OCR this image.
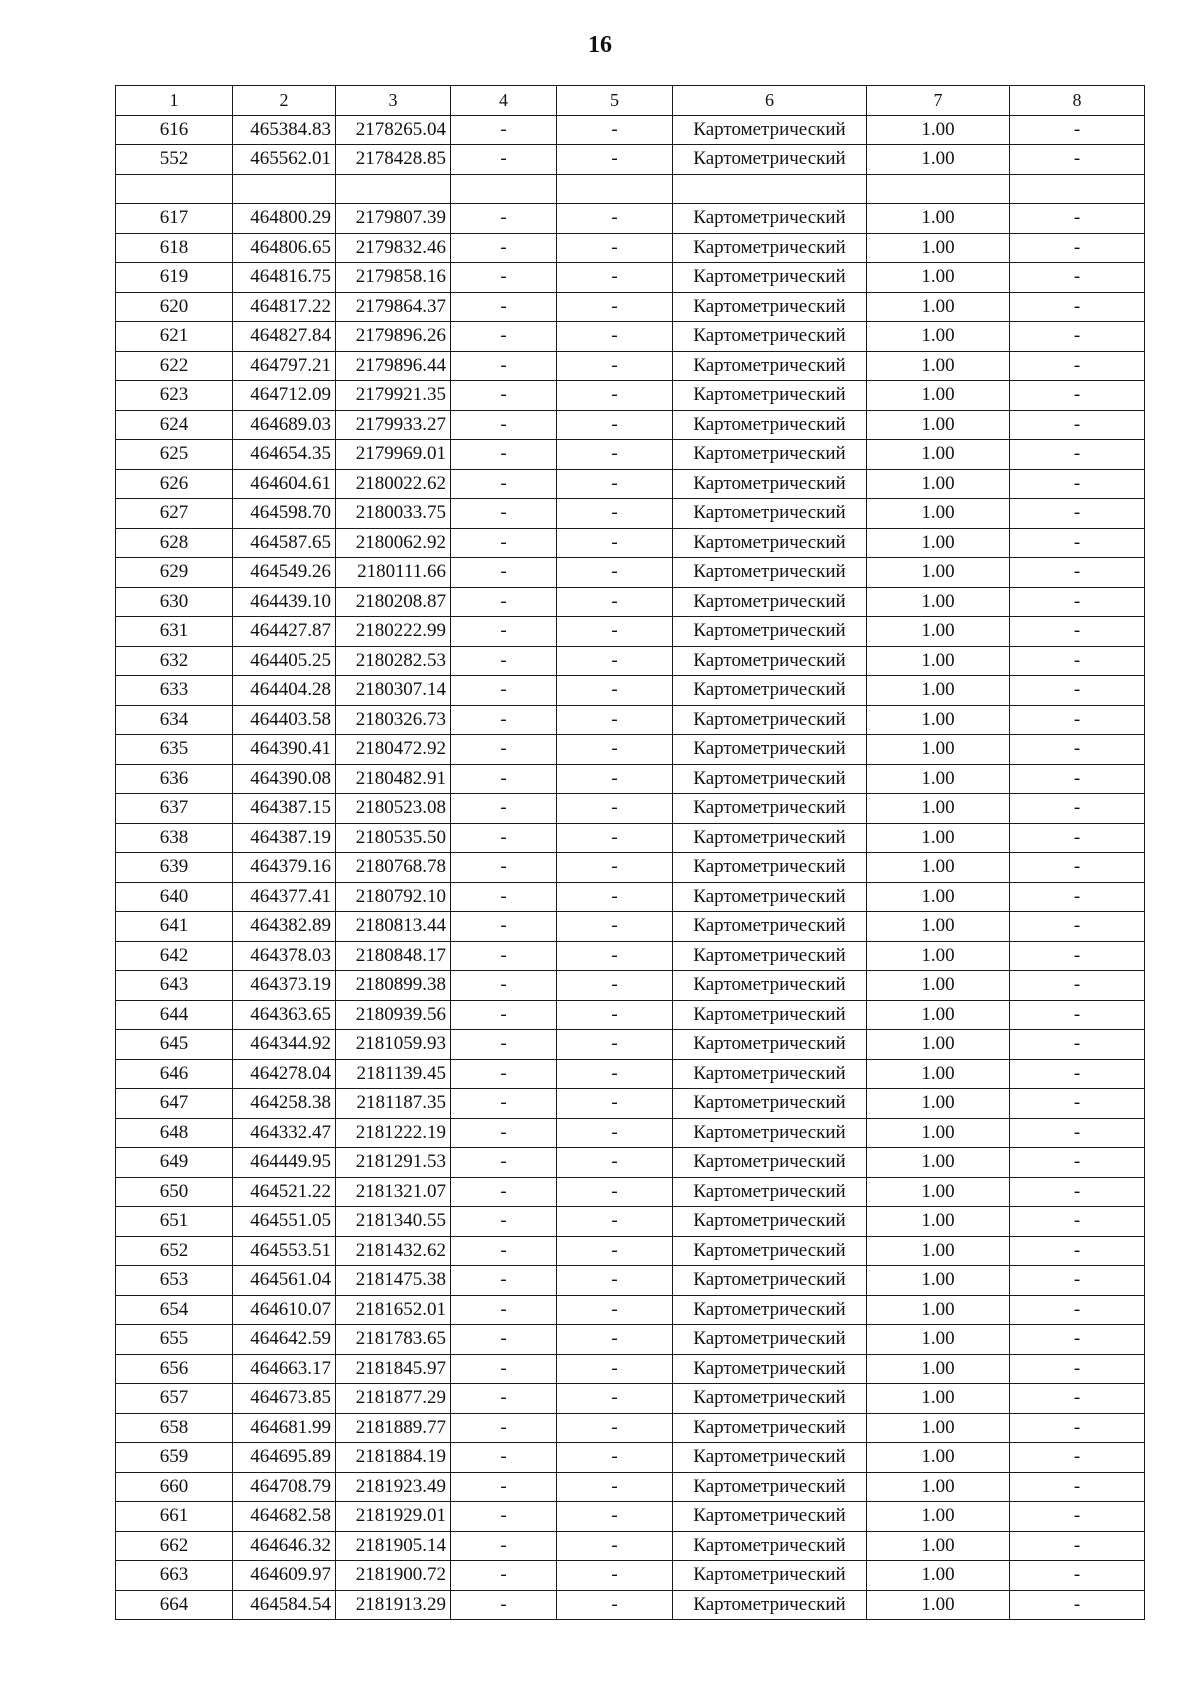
16
1	2	3	4	5	6	7	8
616	465384.83	2178265.04	-	-	Картометрический	1.00	-
552	465562.01	2178428.85	-	-	Картометрический	1.00	-

617	464800.29	2179807.39	-	-	Картометрический	1.00	-
618	464806.65	2179832.46	-	-	Картометрический	1.00	-
619	464816.75	2179858.16	-	-	Картометрический	1.00	-
620	464817.22	2179864.37	-	-	Картометрический	1.00	-
621	464827.84	2179896.26	-	-	Картометрический	1.00	-
622	464797.21	2179896.44	-	-	Картометрический	1.00	-
623	464712.09	2179921.35	-	-	Картометрический	1.00	-
624	464689.03	2179933.27	-	-	Картометрический	1.00	-
625	464654.35	2179969.01	-	-	Картометрический	1.00	-
626	464604.61	2180022.62	-	-	Картометрический	1.00	-
627	464598.70	2180033.75	-	-	Картометрический	1.00	-
628	464587.65	2180062.92	-	-	Картометрический	1.00	-
629	464549.26	2180111.66	-	-	Картометрический	1.00	-
630	464439.10	2180208.87	-	-	Картометрический	1.00	-
631	464427.87	2180222.99	-	-	Картометрический	1.00	-
632	464405.25	2180282.53	-	-	Картометрический	1.00	-
633	464404.28	2180307.14	-	-	Картометрический	1.00	-
634	464403.58	2180326.73	-	-	Картометрический	1.00	-
635	464390.41	2180472.92	-	-	Картометрический	1.00	-
636	464390.08	2180482.91	-	-	Картометрический	1.00	-
637	464387.15	2180523.08	-	-	Картометрический	1.00	-
638	464387.19	2180535.50	-	-	Картометрический	1.00	-
639	464379.16	2180768.78	-	-	Картометрический	1.00	-
640	464377.41	2180792.10	-	-	Картометрический	1.00	-
641	464382.89	2180813.44	-	-	Картометрический	1.00	-
642	464378.03	2180848.17	-	-	Картометрический	1.00	-
643	464373.19	2180899.38	-	-	Картометрический	1.00	-
644	464363.65	2180939.56	-	-	Картометрический	1.00	-
645	464344.92	2181059.93	-	-	Картометрический	1.00	-
646	464278.04	2181139.45	-	-	Картометрический	1.00	-
647	464258.38	2181187.35	-	-	Картометрический	1.00	-
648	464332.47	2181222.19	-	-	Картометрический	1.00	-
649	464449.95	2181291.53	-	-	Картометрический	1.00	-
650	464521.22	2181321.07	-	-	Картометрический	1.00	-
651	464551.05	2181340.55	-	-	Картометрический	1.00	-
652	464553.51	2181432.62	-	-	Картометрический	1.00	-
653	464561.04	2181475.38	-	-	Картометрический	1.00	-
654	464610.07	2181652.01	-	-	Картометрический	1.00	-
655	464642.59	2181783.65	-	-	Картометрический	1.00	-
656	464663.17	2181845.97	-	-	Картометрический	1.00	-
657	464673.85	2181877.29	-	-	Картометрический	1.00	-
658	464681.99	2181889.77	-	-	Картометрический	1.00	-
659	464695.89	2181884.19	-	-	Картометрический	1.00	-
660	464708.79	2181923.49	-	-	Картометрический	1.00	-
661	464682.58	2181929.01	-	-	Картометрический	1.00	-
662	464646.32	2181905.14	-	-	Картометрический	1.00	-
663	464609.97	2181900.72	-	-	Картометрический	1.00	-
664	464584.54	2181913.29	-	-	Картометрический	1.00	-
